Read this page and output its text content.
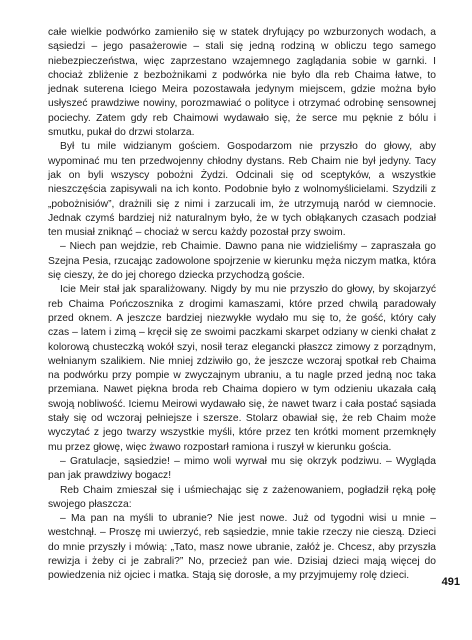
całe wielkie podwórko zamieniło się w statek dryfujący po wzburzonych wodach, a sąsiedzi – jego pasażerowie – stali się jedną rodziną w obliczu tego samego niebezpieczeństwa, więc zaprzestano wzajemnego zaglądania sobie w garnki. I chociaż zbliżenie z bezbożnikami z podwórka nie było dla reb Chaima łatwe, to jednak suterena Iciego Meira pozostawała jedynym miejscem, gdzie można było usłyszeć prawdziwe nowiny, porozmawiać o polityce i otrzymać odrobinę sensownej pociechy. Zatem gdy reb Chaimowi wydawało się, że serce mu pęknie z bólu i smutku, pukał do drzwi stolarza.

Był tu mile widzianym gościem. Gospodarzom nie przyszło do głowy, aby wypominać mu ten przedwojenny chłodny dystans. Reb Chaim nie był jedyny. Tacy jak on byli wszyscy pobożni Żydzi. Odcinali się od sceptyków, a wszystkie nieszczęścia zapisywali na ich konto. Podobnie było z wolnomyślicielami. Szydzili z „pobożnisiów”, drażnili się z nimi i zarzucali im, że utrzymują naród w ciemnocie. Jednak czymś bardziej niż naturalnym było, że w tych obłąkanych czasach podział ten musiał zniknąć – chociaż w sercu każdy pozostał przy swoim.

– Niech pan wejdzie, reb Chaimie. Dawno pana nie widzieliśmy – zapraszała go Szejna Pesia, rzucając zadowolone spojrzenie w kierunku męża niczym matka, która się cieszy, że do jej chorego dziecka przychodzą goście.

Icie Meir stał jak sparaliżowany. Nigdy by mu nie przyszło do głowy, by skojarzyć reb Chaima Pończosznika z drogimi kamaszami, które przed chwilą paradowały przed oknem. A jeszcze bardziej niezwykłe wydało mu się to, że gość, który cały czas – latem i zimą – kręcił się ze swoimi paczkami skarpet odziany w cienki chałat z kolorową chusteczką wokół szyi, nosił teraz elegancki płaszcz zimowy z porządnym, wełnianym szalikiem. Nie mniej zdziwiło go, że jeszcze wczoraj spotkał reb Chaima na podwórku przy pompie w zwyczajnym ubraniu, a tu nagle przed jedną noc taka przemiana. Nawet piękna broda reb Chaima dopiero w tym odzieniu ukazała całą swoją nobliwość. Iciemu Meirowi wydawało się, że nawet twarz i cała postać sąsiada stały się od wczoraj pełniejsze i szersze. Stolarz obawiał się, że reb Chaim może wyczytać z jego twarzy wszystkie myśli, które przez ten krótki moment przemknęły mu przez głowę, więc żwawo rozpostarł ramiona i ruszył w kierunku gościa.

– Gratulacje, sąsiedzie! – mimo woli wyrwał mu się okrzyk podziwu. – Wygląda pan jak prawdziwy bogacz!

Reb Chaim zmieszał się i uśmiechając się z zażenowaniem, pogładził ręką połę swojego płaszcza:

– Ma pan na myśli to ubranie? Nie jest nowe. Już od tygodni wisi u mnie – westchnął. – Proszę mi uwierzyć, reb sąsiedzie, mnie takie rzeczy nie cieszą. Dzieci do mnie przyszły i mówią: „Tato, masz nowe ubranie, załóż je. Chcesz, aby przyszła rewizja i żeby ci je zabrali?” No, przecież pan wie. Dzisiaj dzieci mają więcej do powiedzenia niż ojciec i matka. Stają się dorosłe, a my przyjmujemy rolę dzieci.

491
